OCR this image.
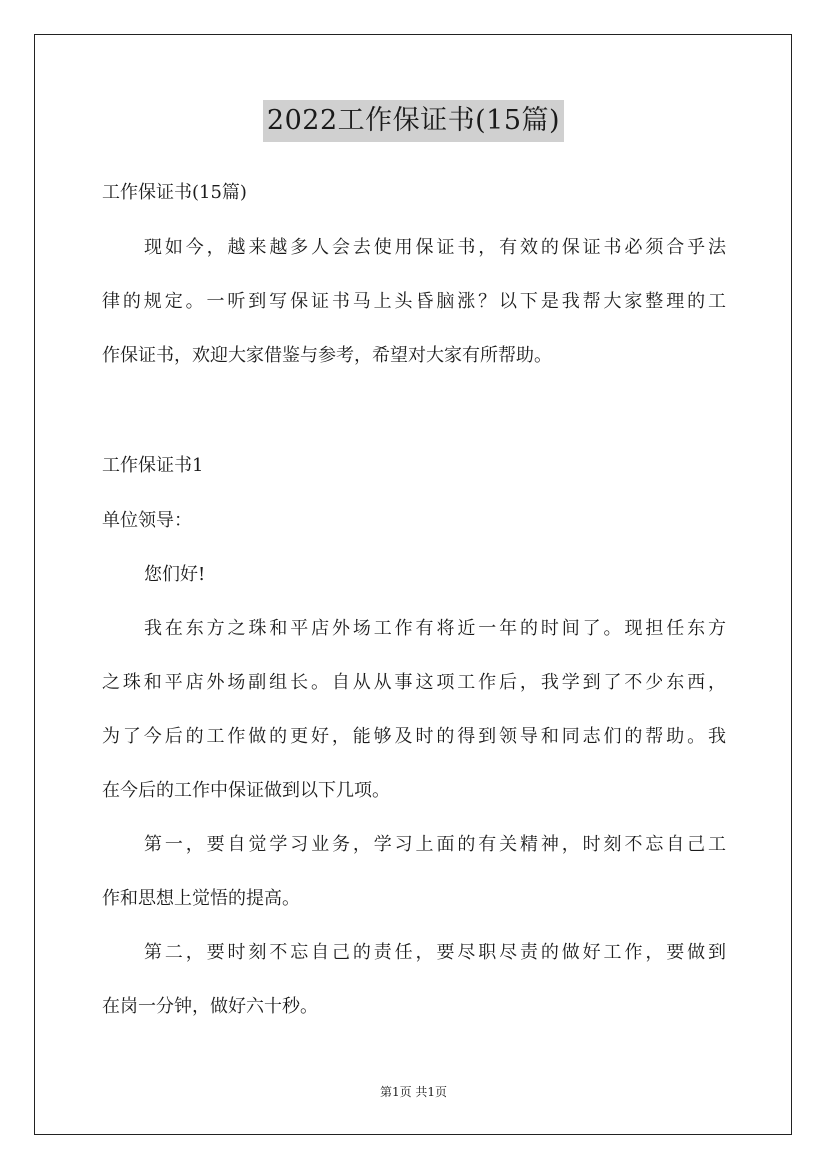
2022工作保证书(15篇)
工作保证书(15篇)
现如今，越来越多人会去使用保证书，有效的保证书必须合乎法
律的规定。一听到写保证书马上头昏脑涨？以下是我帮大家整理的工
作保证书，欢迎大家借鉴与参考，希望对大家有所帮助。
工作保证书1
单位领导：
您们好!
我在东方之珠和平店外场工作有将近一年的时间了。现担任东方
之珠和平店外场副组长。自从从事这项工作后，我学到了不少东西，
为了今后的工作做的更好，能够及时的得到领导和同志们的帮助。我
在今后的工作中保证做到以下几项。
第一，要自觉学习业务，学习上面的有关精神，时刻不忘自己工
作和思想上觉悟的提高。
第二，要时刻不忘自己的责任，要尽职尽责的做好工作，要做到
在岗一分钟，做好六十秒。
第1页 共1页
